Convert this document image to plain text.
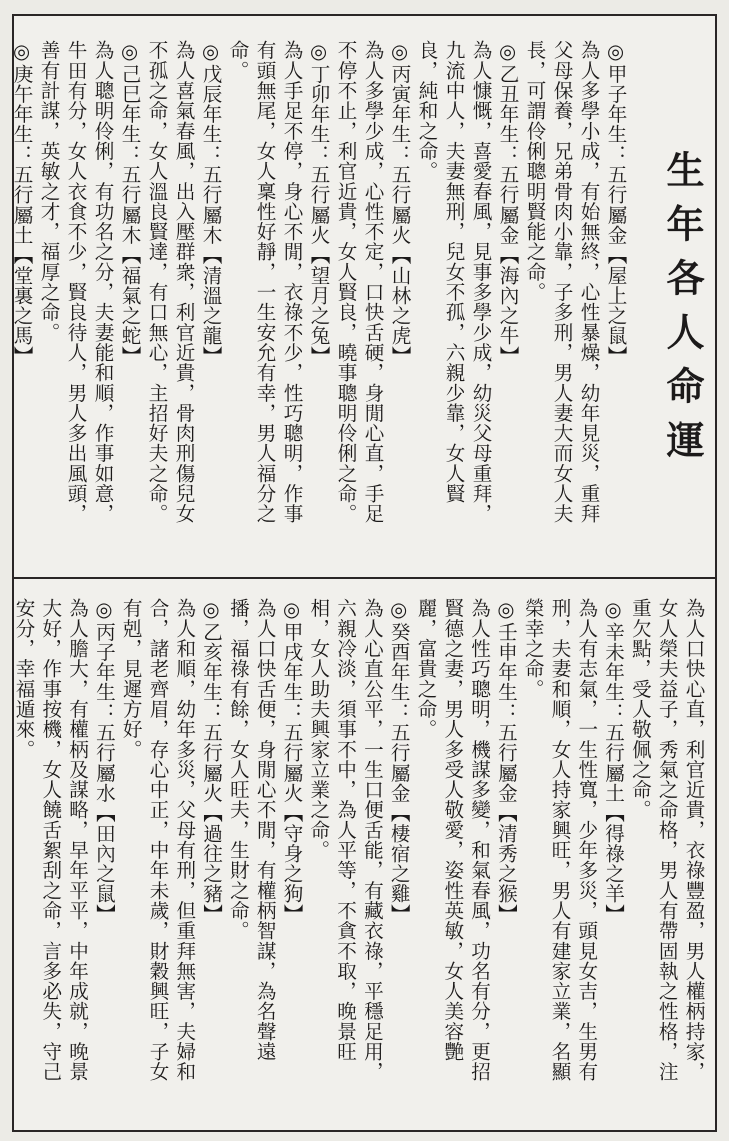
生年各人命運

◎甲子年生：五行屬金【屋上之鼠】

為人多學小成，有始無終，心性暴燥，幼年見災，重拜

父母保養，兄弟骨肉小靠，子多刑，男人妻大而女人夫

長，可謂伶俐聰明賢能之命。

◎乙丑年生：五行屬金【海內之牛】

為人慷慨，喜愛春風，見事多學少成，幼災父母重拜，

九流中人，夫妻無刑，兒女不孤，六親少靠，女人賢

良，純和之命。

◎丙寅年生：五行屬火【山林之虎】

為人多學少成，心性不定，口快舌硬，身閒心直，手足

不停不止，利官近貴，女人賢良，曉事聰明伶俐之命。

◎丁卯年生：五行屬火【望月之兔】

為人手足不停，身心不閒，衣祿不少，性巧聰明，作事

有頭無尾，女人稟性好靜，一生安允有幸，男人福分之

命。

◎戊辰年生：五行屬木【清溫之龍】

為人喜氣春風，出入壓群衆，利官近貴，骨肉刑傷兒女

不孤之命，女人溫良賢達，有口無心，主招好夫之命。

◎己巳年生：五行屬木【福氣之蛇】

為人聰明伶俐，有功名之分，夫妻能和順，作事如意，

牛田有分，女人衣食不少，賢良待人，男人多出風頭，

善有計謀，英敏之才，福厚之命。

◎庚午年生：五行屬土【堂裏之馬】

為人口快心直，利官近貴，衣祿豐盈，男人權柄持家，

女人榮夫益子，秀氣之命格，男人有帶固執之性格，注

重欠點，受人敬佩之命。

◎辛未年生：五行屬土【得祿之羊】

為人有志氣，一生性寬，少年多災，頭見女吉，生男有

刑，夫妻和順，女人持家興旺，男人有建家立業，名顯

榮幸之命。

◎壬申年生：五行屬金【清秀之猴】

為人性巧聰明，機謀多變，和氣春風，功名有分，更招

賢德之妻，男人多受人敬愛，姿性英敏，女人美容艷

麗，富貴之命。

◎癸酉年生：五行屬金【棲宿之雞】

為人心直公平，一生口便舌能，有藏衣祿，平穩足用，

六親冷淡，須事不中，為人平等，不貪不取，晚景旺

相，女人助夫興家立業之命。

◎甲戌年生：五行屬火【守身之狗】

為人口快舌便，身閒心不閒，有權柄智謀，為名聲遠

播，福祿有餘，女人旺夫，生財之命。

◎乙亥年生：五行屬火【過往之豬】

為人和順，幼年多災，父母有刑，但重拜無害，夫婦和

合，諸老齊眉，存心中正，中年未歲，財穀興旺，子女

有剋，見遲方好。

◎丙子年生：五行屬水【田內之鼠】

為人膽大，有權柄及謀略，早年平平，中年成就，晚景

大好，作事按機，女人饒舌絮刮之命，言多必失，守己

安分，幸福遁來。
